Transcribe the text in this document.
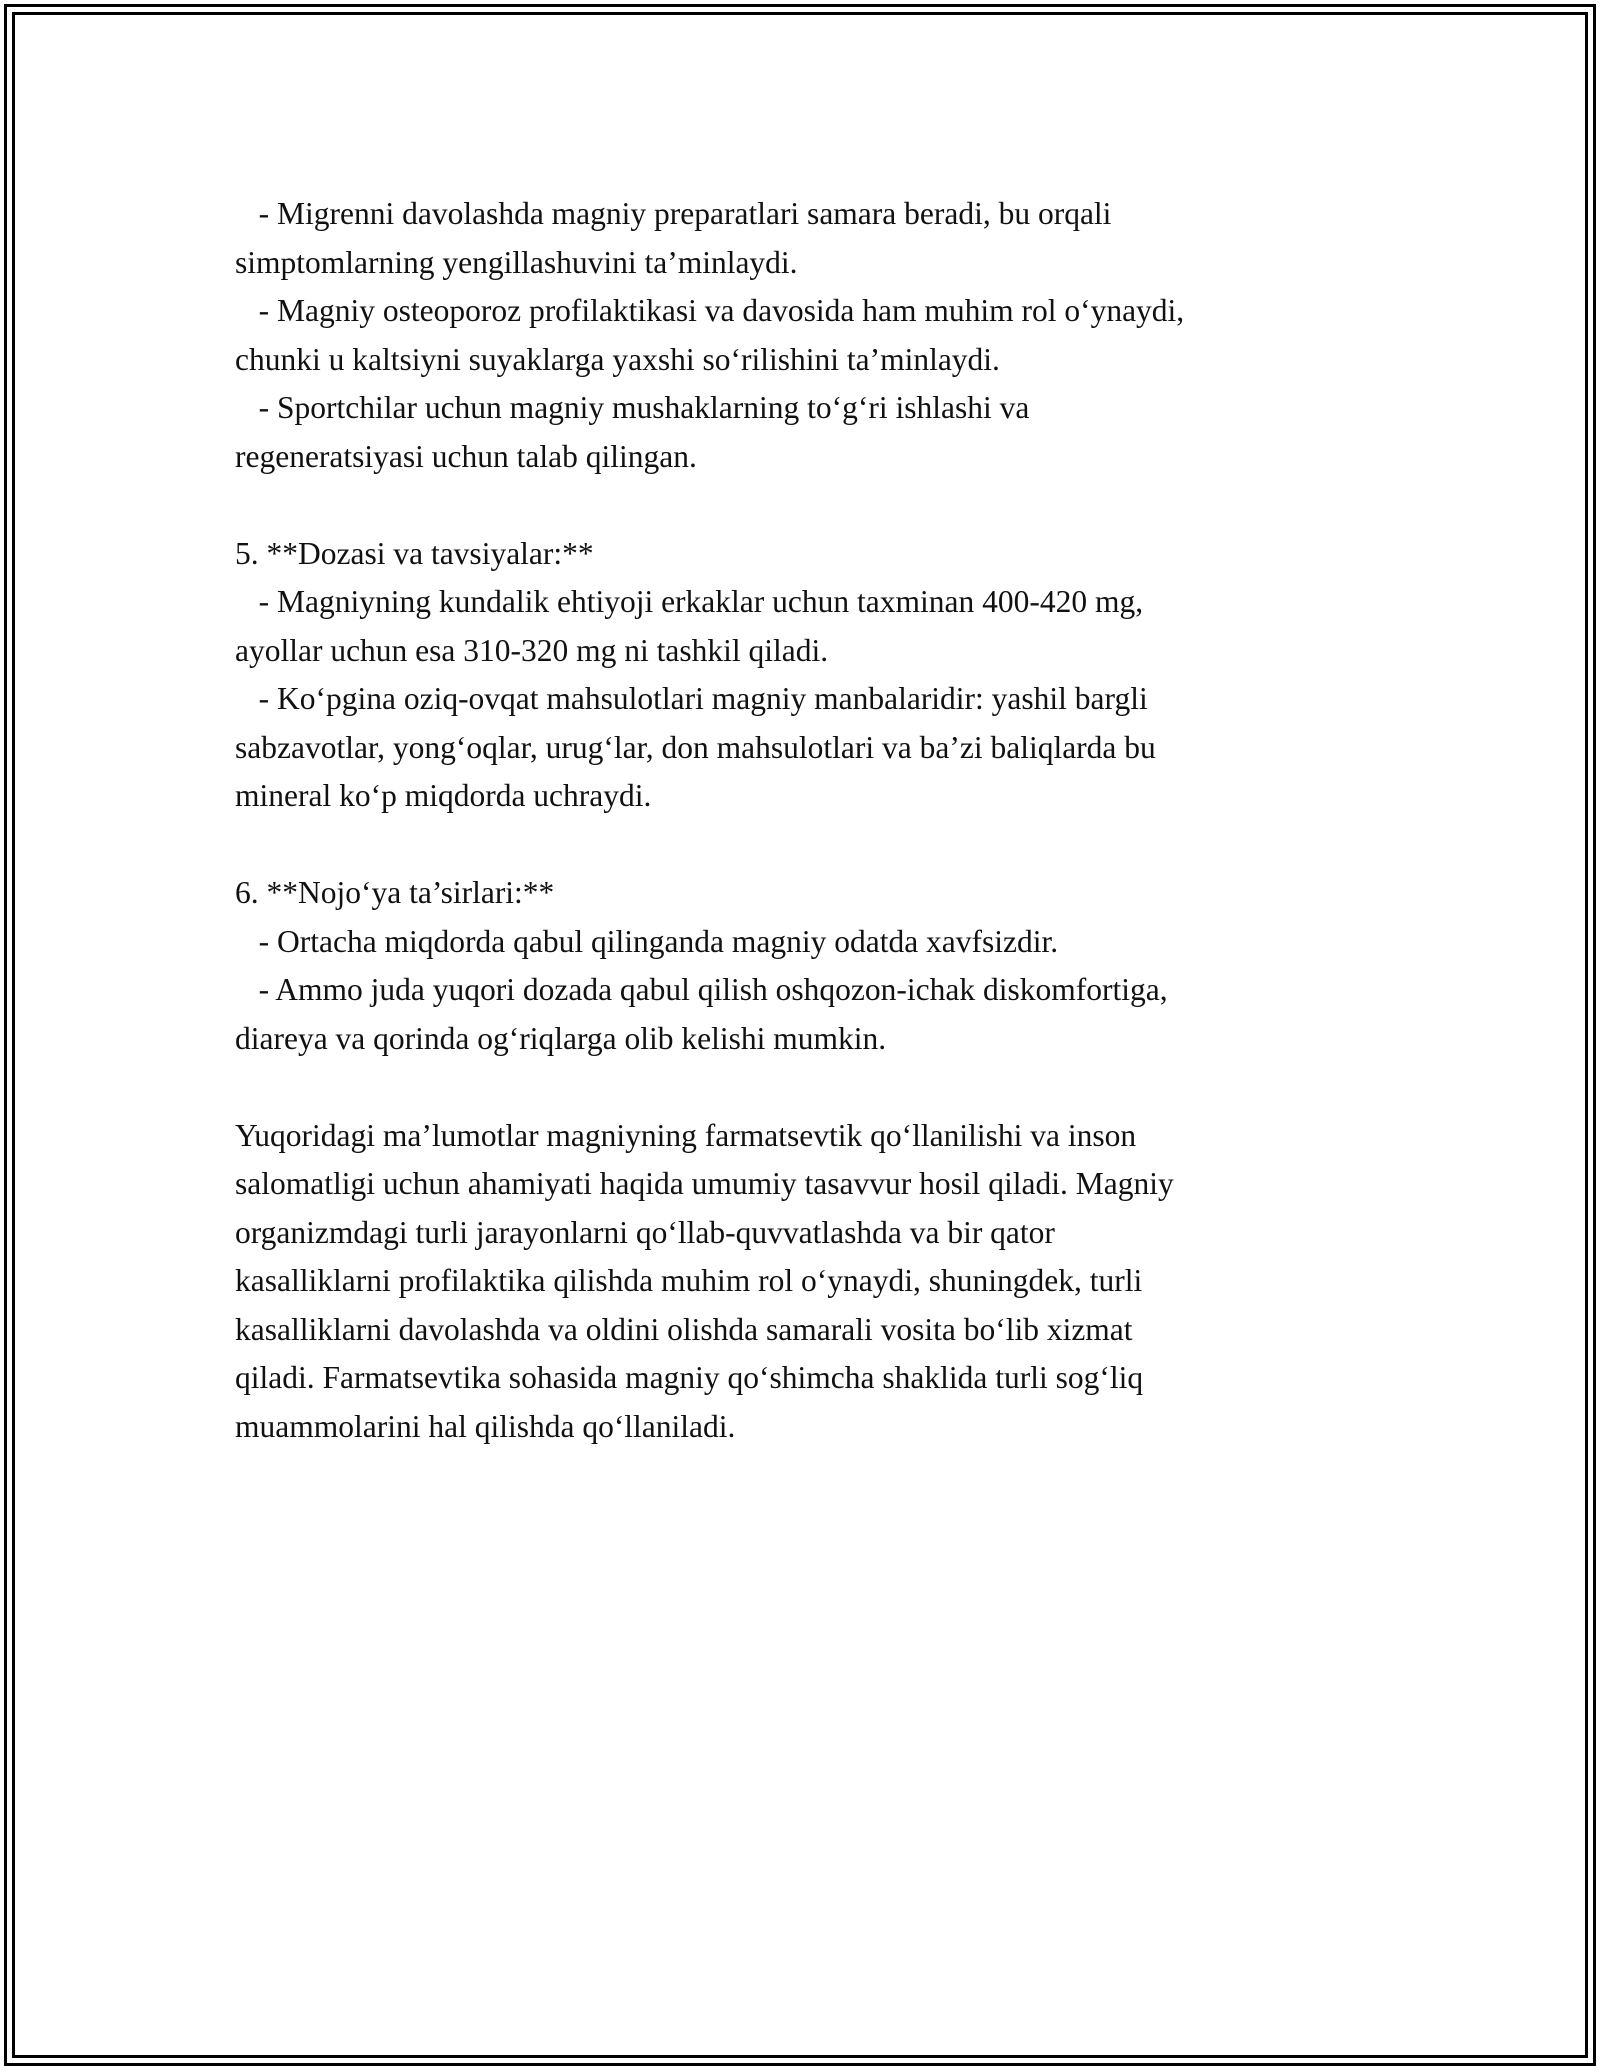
- Migrenni davolashda magniy preparatlari samara beradi, bu orqali
simptomlarning yengillashuvini ta’minlaydi.
- Magniy osteoporoz profilaktikasi va davosida ham muhim rol o‘ynaydi,
chunki u kaltsiyni suyaklarga yaxshi so‘rilishini ta’minlaydi.
- Sportchilar uchun magniy mushaklarning to‘g‘ri ishlashi va
regeneratsiyasi uchun talab qilingan.
5. **Dozasi va tavsiyalar:**
- Magniyning kundalik ehtiyoji erkaklar uchun taxminan 400-420 mg,
ayollar uchun esa 310-320 mg ni tashkil qiladi.
- Ko‘pgina oziq-ovqat mahsulotlari magniy manbalaridir: yashil bargli
sabzavotlar, yong‘oqlar, urug‘lar, don mahsulotlari va ba’zi baliqlarda bu
mineral ko‘p miqdorda uchraydi.
6. **Nojo‘ya ta’sirlari:**
- Ortacha miqdorda qabul qilinganda magniy odatda xavfsizdir.
- Ammo juda yuqori dozada qabul qilish oshqozon-ichak diskomfortiga,
diareya va qorinda og‘riqlarga olib kelishi mumkin.
Yuqoridagi ma’lumotlar magniyning farmatsevtik qo‘llanilishi va inson
salomatligi uchun ahamiyati haqida umumiy tasavvur hosil qiladi. Magniy
organizmdagi turli jarayonlarni qo‘llab-quvvatlashda va bir qator
kasalliklarni profilaktika qilishda muhim rol o‘ynaydi, shuningdek, turli
kasalliklarni davolashda va oldini olishda samarali vosita bo‘lib xizmat
qiladi. Farmatsevtika sohasida magniy qo‘shimcha shaklida turli sog‘liq
muammolarini hal qilishda qo‘llaniladi.
